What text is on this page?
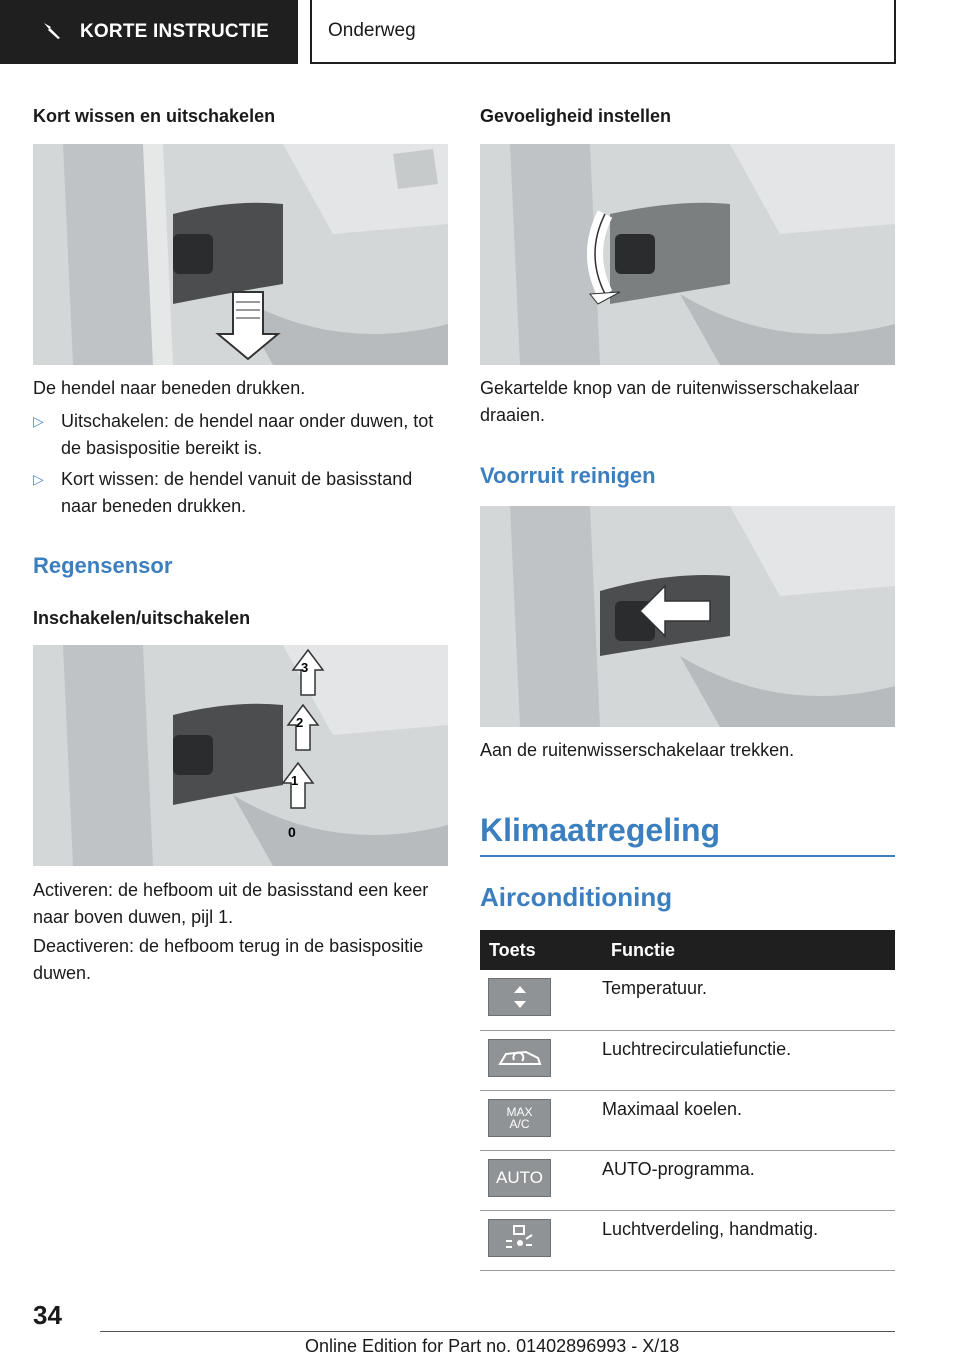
KORTE INSTRUCTIE	Onderweg
Kort wissen en uitschakelen
De hendel naar beneden drukken.
▷ Uitschakelen: de hendel naar onder duwen, tot de basispositie bereikt is.
▷ Kort wissen: de hendel vanuit de basisstand naar beneden drukken.
Regensensor
Inschakelen/uitschakelen
3
2
1
0
Activeren: de hefboom uit de basisstand een keer naar boven duwen, pijl 1.
Deactiveren: de hefboom terug in de basispositie duwen.
Gevoeligheid instellen
Gekartelde knop van de ruitenwisserschakelaar draaien.
Voorruit reinigen
Aan de ruitenwisserschakelaar trekken.
Klimaatregeling
Airconditioning
Toets	Functie

	Temperatuur.

	Luchtrecirculatiefunctie.

MAX
A/C	Maximaal koelen.

AUTO	AUTO-programma.

	Luchtverdeling, handmatig.
34
Online Edition for Part no. 01402896993 - X/18
